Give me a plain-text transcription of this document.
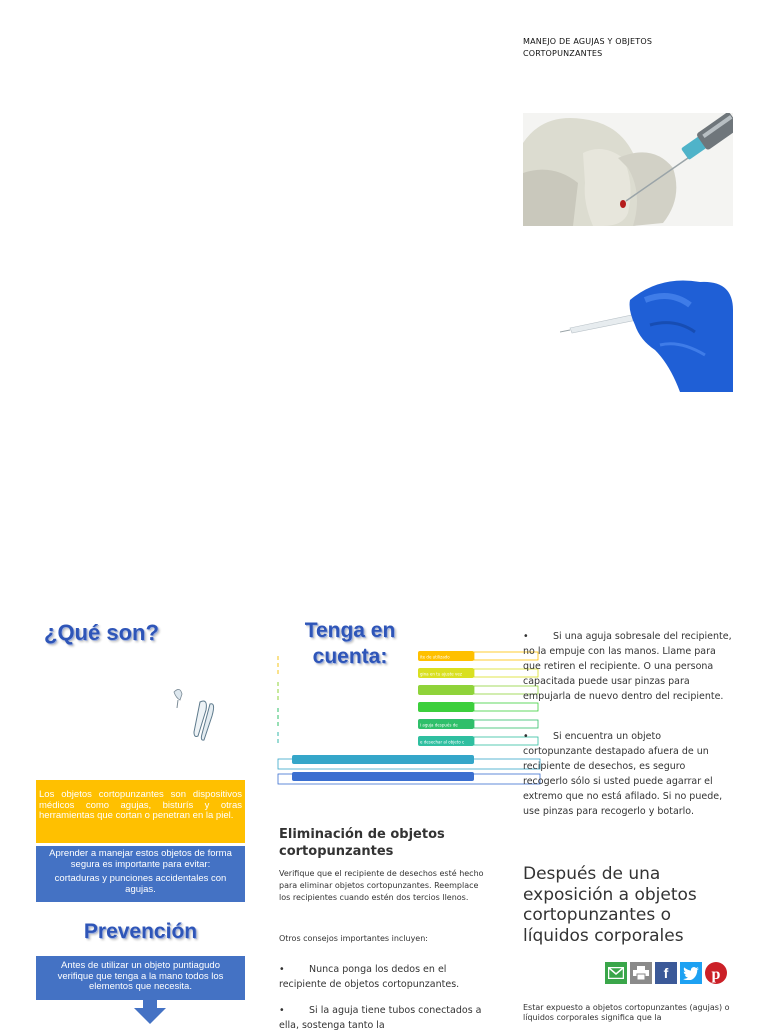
MANEJO DE AGUJAS Y OBJETOS
CORTOPUNZANTES
¿Qué son?
Los objetos cortopunzantes son dispositivos médicos como agujas, bisturís y otras herramientas que cortan o penetran en la piel.

Aprender a manejar estos objetos de forma segura es importante para evitar:

cortaduras y punciones accidentales con agujas.

Prevención
Antes de utilizar un objeto puntiagudo verifique que tenga a la mano todos los elementos que necesita.
Tenga en
cuenta:	ite de utilizado
gina en tu ajuste vez
i aguja después de
e desechar al objeto c
Eliminación de objetos cortopunzantes
Verifique que el recipiente de desechos esté hecho para eliminar objetos cortopunzantes. Reemplace los recipientes cuando estén dos tercios llenos.
Otros consejos importantes incluyen:
•	Nunca ponga los dedos en el recipiente de objetos cortopunzantes.
•	Si la aguja tiene tubos conectados a ella, sostenga tanto la
•	Si una aguja sobresale del recipiente, no la empuje con las manos. Llame para que retiren el recipiente. O una persona capacitada puede usar pinzas para empujarla de nuevo dentro del recipiente.
•	Si encuentra un objeto cortopunzante destapado afuera de un recipiente de desechos, es seguro recogerlo sólo si usted puede agarrar el extremo que no está afilado. Si no puede, use pinzas para recogerlo y botarlo.
Después de una exposición a objetos cortopunzantes o líquidos corporales
f	p
Estar expuesto a objetos cortopunzantes (agujas) o líquidos corporales significa que la
